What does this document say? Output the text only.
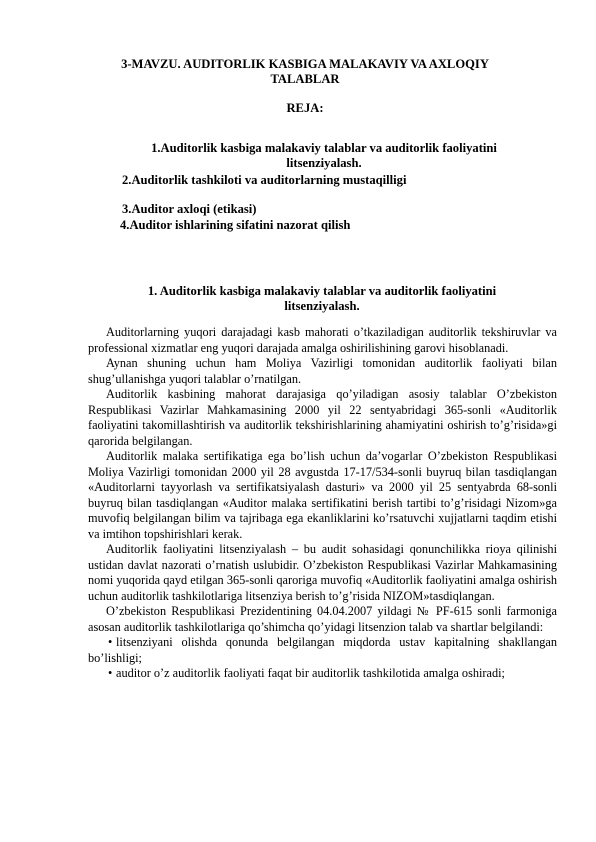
3-MAVZU. AUDITORLIK KASBIGA MALAKAVIY VA AXLOQIY TALABLAR
REJA:
1.Auditorlik kasbiga malakaviy talablar va auditorlik faoliyatini litsenziyalash.
2.Auditorlik tashkiloti va auditorlarning mustaqilligi
3.Auditor axloqi (etikasi)
4.Auditor ishlarining sifatini nazorat qilish
1. Auditorlik kasbiga malakaviy talablar va auditorlik faoliyatini litsenziyalash.

Auditorlarning yuqori darajadagi kasb mahorati o’tkaziladigan auditorlik tekshiruvlar va professional xizmatlar eng yuqori darajada amalga oshirilishining garovi hisoblanadi.

Aynan shuning uchun ham Moliya Vazirligi tomonidan auditorlik faoliyati bilan shug’ullanishga yuqori talablar o’rnatilgan.

Auditorlik kasbining mahorat darajasiga qo’yiladigan asosiy talablar O’zbekiston Respublikasi Vazirlar Mahkamasining 2000 yil 22 sentyabridagi 365-sonli «Auditorlik faoliyatini takomillashtirish va auditorlik tekshirishlarining ahamiyatini oshirish to’g’risida»gi qarorida belgilangan.

Auditorlik malaka sertifikatiga ega bo’lish uchun da’vogarlar O’zbekiston Respublikasi Moliya Vazirligi tomonidan 2000 yil 28 avgustda 17-17/534-sonli buyruq bilan tasdiqlangan «Auditorlarni tayyorlash va sertifikatsiyalash dasturi» va 2000 yil 25 sentyabrda 68-sonli buyruq bilan tasdiqlangan «Auditor malaka sertifikatini berish tartibi to’g’risidagi Nizom»ga muvofiq belgilangan bilim va tajribaga ega ekanliklarini ko’rsatuvchi xujjatlarni taqdim etishi va imtihon topshirishlari kerak.

Auditorlik faoliyatini litsenziyalash – bu audit sohasidagi qonunchilikka rioya qilinishi ustidan davlat nazorati o’rnatish uslubidir. O’zbekiston Respublikasi Vazirlar Mahkamasining nomi yuqorida qayd etilgan 365-sonli qaroriga muvofiq «Auditorlik faoliyatini amalga oshirish uchun auditorlik tashkilotlariga litsenziya berish to’g’risida NIZOM»tasdiqlangan.

O’zbekiston Respublikasi Prezidentining 04.04.2007 yildagi № PF-615 sonli farmoniga asosan auditorlik tashkilotlariga qo’shimcha qo’yidagi litsenzion talab va shartlar belgilandi:

• litsenziyani olishda qonunda belgilangan miqdorda ustav kapitalning shakllangan bo’lishligi;

• auditor o’z auditorlik faoliyati faqat bir auditorlik tashkilotida amalga oshiradi;
